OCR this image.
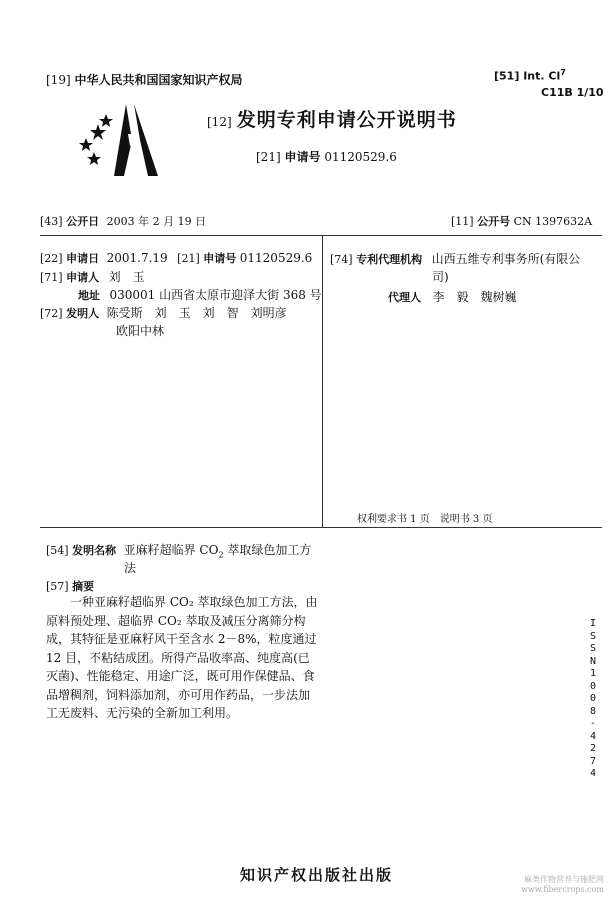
[19] 中华人民共和国国家知识产权局	[51] Int. Cl$^7$
C11B 1/10
[12] 发明专利申请公开说明书
[21] 申请号 01120529.6
[43] 公开日 2003 年 2 月 19 日	[11] 公开号 CN 1397632A
[22] 申请日 2001.7.19 [21] 申请号 01120529.6
[71] 申请人 刘　玉
地址 030001 山西省太原市迎泽大街 368 号
[72] 发明人 陈受斯　刘　玉　刘　智　刘明彦
欧阳中林
[74] 专利代理机构 山西五维专利事务所(有限公
司)
代理人 李　毅　魏树巍
权利要求书 1 页　说明书 3 页
[54] 发明名称 亚麻籽超临界 $CO_2$ 萃取绿色加工方
法
[57] 摘要
　　一种亚麻籽超临界 CO₂ 萃取绿色加工方法，由
原料预处理、超临界 CO₂ 萃取及减压分离筛分构
成，其特征是亚麻籽风干至含水 2－8%，粒度通过
12 目，不粘结成团。所得产品收率高、纯度高(已
灭菌)、性能稳定、用途广泛，既可用作保健品、食
品增稠剂，饲料添加剂，亦可用作药品，一步法加
工无废料、无污染的全新加工利用。
ISSN1008-4274
知识产权出版社出版	麻类作物营养与施肥网 www.fibercrops.com
